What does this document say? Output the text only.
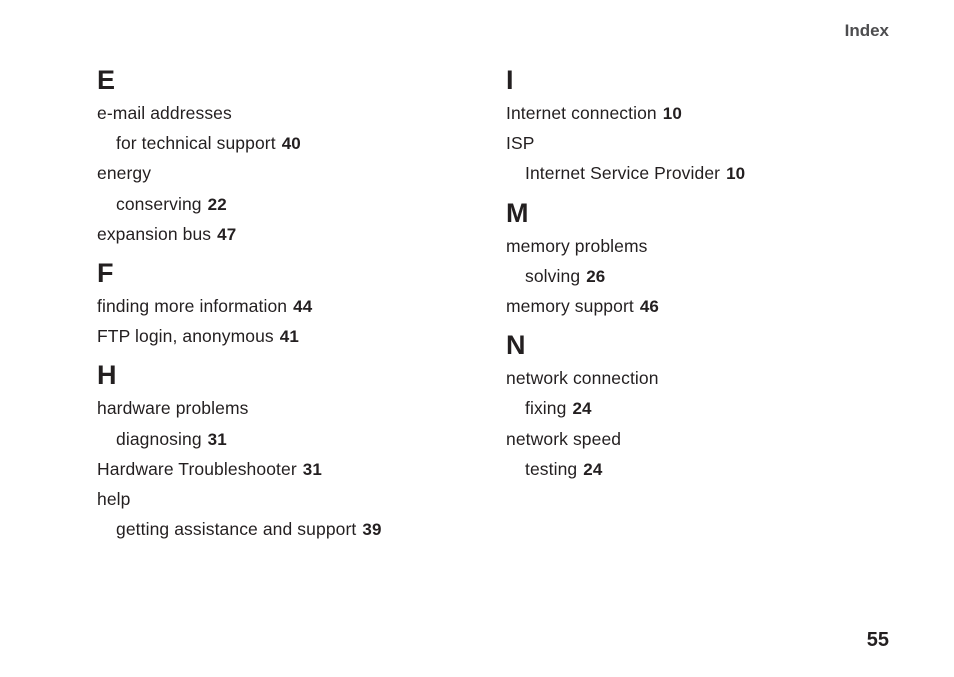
Index
E
e-mail addresses
for technical support 40
energy
conserving 22
expansion bus 47
F
finding more information 44
FTP login, anonymous 41
H
hardware problems
diagnosing 31
Hardware Troubleshooter 31
help
getting assistance and support 39
I
Internet connection 10
ISP
Internet Service Provider 10
M
memory problems
solving 26
memory support 46
N
network connection
fixing 24
network speed
testing 24
55
